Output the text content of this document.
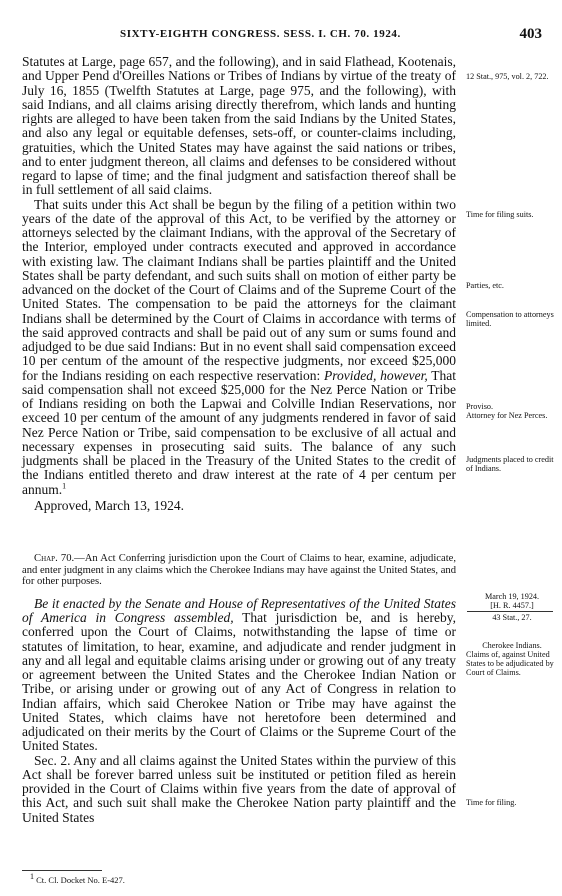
SIXTY-EIGHTH CONGRESS. SESS. I. CH. 70. 1924.	403

Statutes at Large, page 657, and the following), and in said Flathead, Kootenais, and Upper Pend d'Oreilles Nations or Tribes of Indians by virtue of the treaty of July 16, 1855 (Twelfth Statutes at Large, page 975, and the following), with said Indians, and all claims arising directly therefrom, which lands and hunting rights are alleged to have been taken from the said Indians by the United States, and also any legal or equitable defenses, sets-off, or counter-claims including, gratuities, which the United States may have against the said nations or tribes, and to enter judgment thereon, all claims and defenses to be considered without regard to lapse of time; and the final judgment and satisfaction thereof shall be in full settlement of all said claims.

That suits under this Act shall be begun by the filing of a petition within two years of the date of the approval of this Act, to be verified by the attorney or attorneys selected by the claimant Indians, with the approval of the Secretary of the Interior, employed under contracts executed and approved in accordance with existing law. The claimant Indians shall be parties plaintiff and the United States shall be party defendant, and such suits shall on motion of either party be advanced on the docket of the Court of Claims and of the Supreme Court of the United States. The compensation to be paid the attorneys for the claimant Indians shall be determined by the Court of Claims in accordance with terms of the said approved contracts and shall be paid out of any sum or sums found and adjudged to be due said Indians: But in no event shall said compensation exceed 10 per centum of the amount of the respective judgments, nor exceed $25,000 for the Indians residing on each respective reservation: Provided, however, That said compensation shall not exceed $25,000 for the Nez Perce Nation or Tribe of Indians residing on both the Lapwai and Colville Indian Reservations, nor exceed 10 per centum of the amount of any judgments rendered in favor of said Nez Perce Nation or Tribe, said compensation to be exclusive of all actual and necessary expenses in prosecuting said suits. The balance of any such judgments shall be placed in the Treasury of the United States to the credit of the Indians entitled thereto and draw interest at the rate of 4 per centum per annum.$^1$

Approved, March 13, 1924.

Chap. 70.—An Act Conferring jurisdiction upon the Court of Claims to hear, examine, adjudicate, and enter judgment in any claims which the Cherokee Indians may have against the United States, and for other purposes.

Be it enacted by the Senate and House of Representatives of the United States of America in Congress assembled, That jurisdiction be, and is hereby, conferred upon the Court of Claims, notwithstanding the lapse of time or statutes of limitation, to hear, examine, and adjudicate and render judgment in any and all legal and equitable claims arising under or growing out of any treaty or agreement between the United States and the Cherokee Indian Nation or Tribe, or arising under or growing out of any Act of Congress in relation to Indian affairs, which said Cherokee Nation or Tribe may have against the United States, which claims have not heretofore been determined and adjudicated on their merits by the Court of Claims or the Supreme Court of the United States.

Sec. 2. Any and all claims against the United States within the purview of this Act shall be forever barred unless suit be instituted or petition filed as herein provided in the Court of Claims within five years from the date of approval of this Act, and such suit shall make the Cherokee Nation party plaintiff and the United States

12 Stat., 975, vol. 2, 722.
Time for filing suits.
Parties, etc.
Compensation to attorneys limited.
Proviso.
Attorney for Nez Perces.
Judgments placed to credit of Indians.
March 19, 1924.
[H. R. 4457.]
43 Stat., 27.
Cherokee Indians.
Claims of, against United States to be adjudicated by Court of Claims.
Time for filing.
$^1$ Ct. Cl. Docket No. E-427.
